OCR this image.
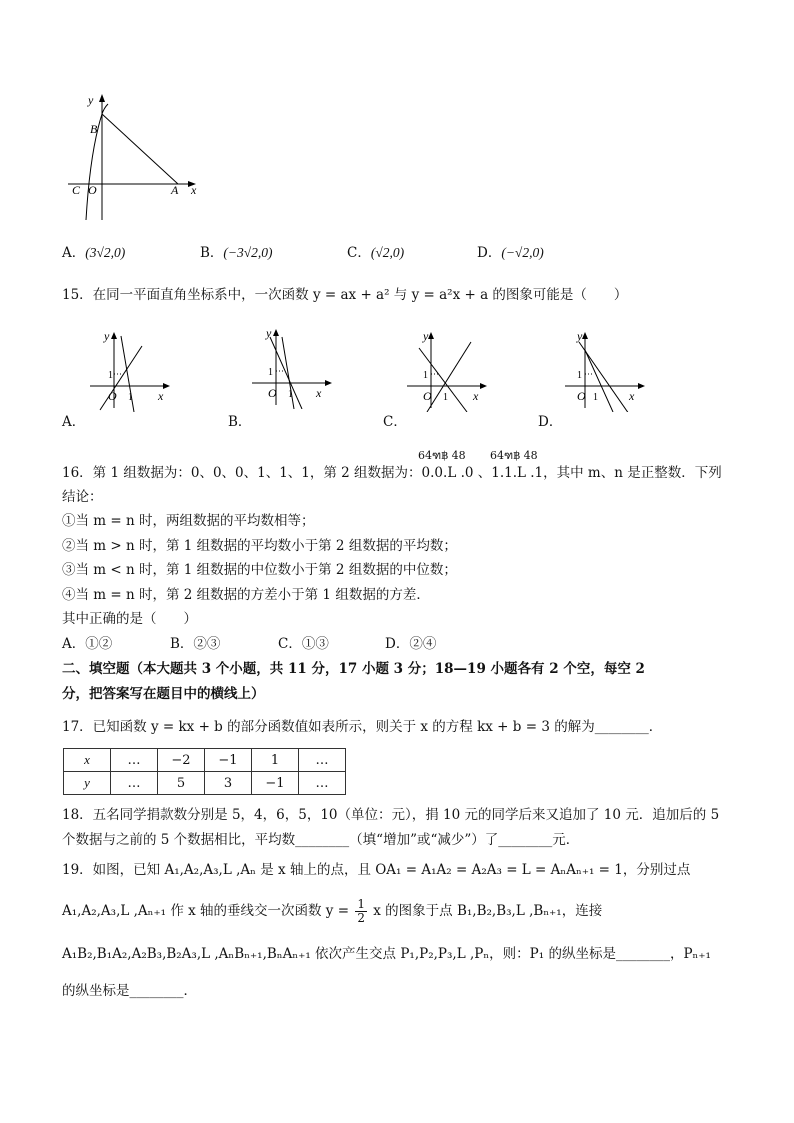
y
B
C O	A x
A．(3√2,0)	B．(−3√2,0)	C．(√2,0)	D．(−√2,0)
15．在同一平面直角坐标系中，一次函数 y = ax + a² 与 y = a²x + a 的图象可能是（　　）
y
1
O 1 x
A．
y
1
O 1 x
B．
y
1
O 1 x
C．
y
1
O 1	x
D．
64ฑ฿ 48 64ฑ฿ 48
16．第 1 组数据为：0、0、0、1、1、1，第 2 组数据为：0.0.L .0 、1.1.L .1，其中 m、n 是正整数．下列
结论：
①当 m = n 时，两组数据的平均数相等；
②当 m > n 时，第 1 组数据的平均数小于第 2 组数据的平均数；
③当 m < n 时，第 1 组数据的中位数小于第 2 组数据的中位数；
④当 m = n 时，第 2 组数据的方差小于第 1 组数据的方差．
其中正确的是（　　）
A．①②	B．②③	C．①③	D．②④
二、填空题（本大题共 3 个小题，共 11 分，17 小题 3 分；18—19 小题各有 2 个空，每空 2
分，把答案写在题目中的横线上）
17．已知函数 y = kx + b 的部分函数值如表所示，则关于 x 的方程 kx + b = 3 的解为________．
x	…	−2	−1	1	…
y	…	5	3	−1	…
18．五名同学捐款数分别是 5，4，6，5，10（单位：元），捐 10 元的同学后来又追加了 10 元．追加后的 5
个数据与之前的 5 个数据相比，平均数________（填“增加”或“减少”）了________元．
19．如图，已知 A₁,A₂,A₃,L ,Aₙ 是 x 轴上的点，且 OA₁ = A₁A₂ = A₂A₃ = L = AₙAₙ₊₁ = 1，分别过点
A₁,A₂,A₃,L ,Aₙ₊₁ 作 x 轴的垂线交一次函数 $y = \frac{1}{2}$ x 的图象于点 B₁,B₂,B₃,L ,Bₙ₊₁，连接
A₁B₂,B₁A₂,A₂B₃,B₂A₃,L ,AₙBₙ₊₁,BₙAₙ₊₁ 依次产生交点 P₁,P₂,P₃,L ,Pₙ，则：P₁ 的纵坐标是________，Pₙ₊₁
的纵坐标是________．
